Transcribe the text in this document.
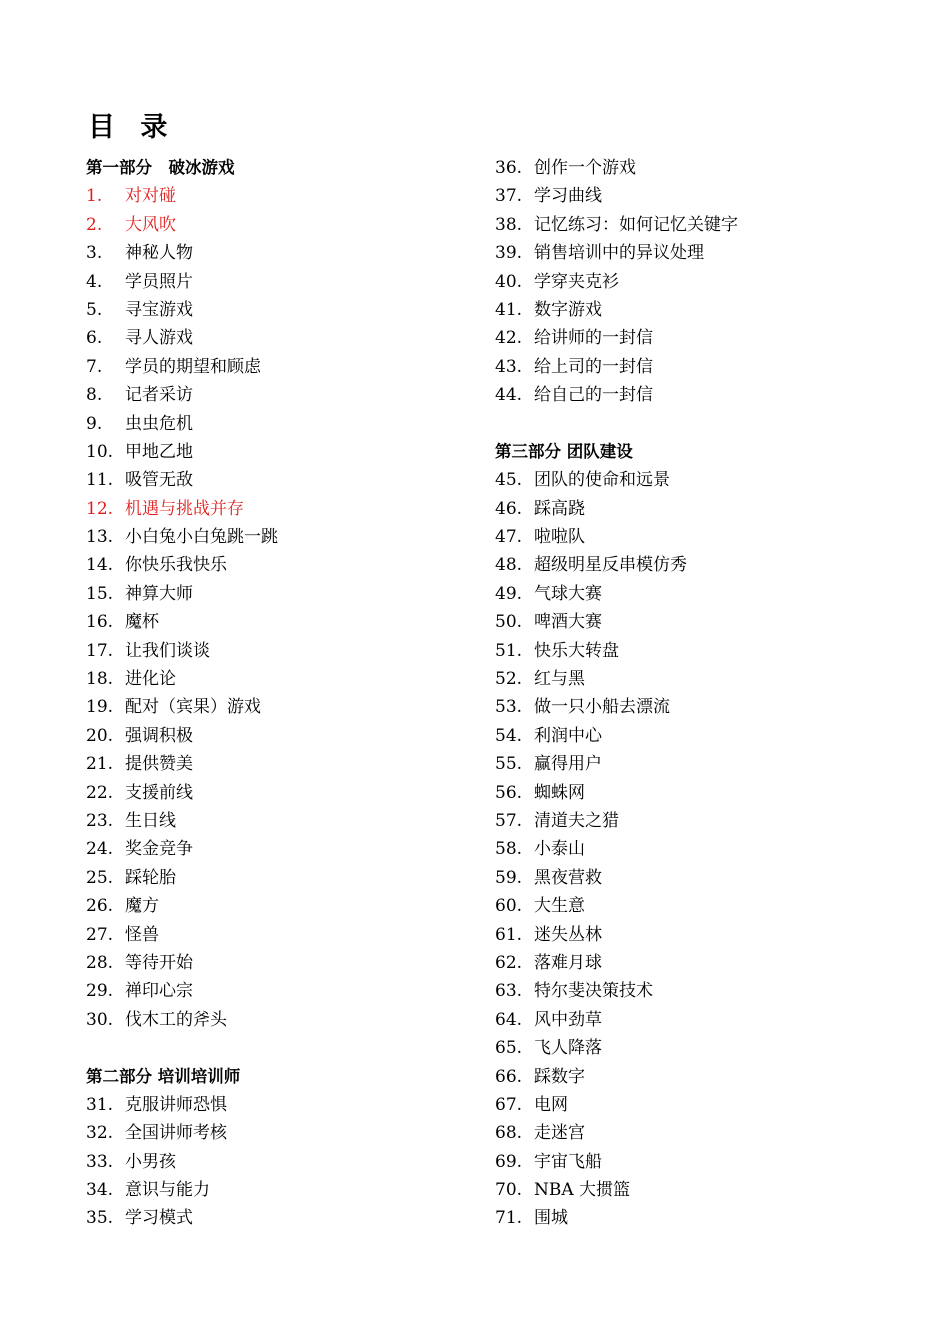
目 录
第一部分　破冰游戏
1. 对对碰
2. 大风吹
3. 神秘人物
4. 学员照片
5. 寻宝游戏
6. 寻人游戏
7. 学员的期望和顾虑
8. 记者采访
9. 虫虫危机
10. 甲地乙地
11. 吸管无敌
12. 机遇与挑战并存
13. 小白兔小白兔跳一跳
14. 你快乐我快乐
15. 神算大师
16. 魔杯
17. 让我们谈谈
18. 进化论
19. 配对（宾果）游戏
20. 强调积极
21. 提供赞美
22. 支援前线
23. 生日线
24. 奖金竞争
25. 踩轮胎
26. 魔方
27. 怪兽
28. 等待开始
29. 禅印心宗
30. 伐木工的斧头
第二部分 培训培训师
31. 克服讲师恐惧
32. 全国讲师考核
33. 小男孩
34. 意识与能力
35. 学习模式
36. 创作一个游戏
37. 学习曲线
38. 记忆练习：如何记忆关键字
39. 销售培训中的异议处理
40. 学穿夹克衫
41. 数字游戏
42. 给讲师的一封信
43. 给上司的一封信
44. 给自己的一封信
第三部分 团队建设
45. 团队的使命和远景
46. 踩高跷
47. 啦啦队
48. 超级明星反串模仿秀
49. 气球大赛
50. 啤酒大赛
51. 快乐大转盘
52. 红与黑
53. 做一只小船去漂流
54. 利润中心
55. 赢得用户
56. 蜘蛛网
57. 清道夫之猎
58. 小泰山
59. 黑夜营救
60. 大生意
61. 迷失丛林
62. 落难月球
63. 特尔斐决策技术
64. 风中劲草
65. 飞人降落
66. 踩数字
67. 电网
68. 走迷宫
69. 宇宙飞船
70. NBA 大掼篮
71. 围城
